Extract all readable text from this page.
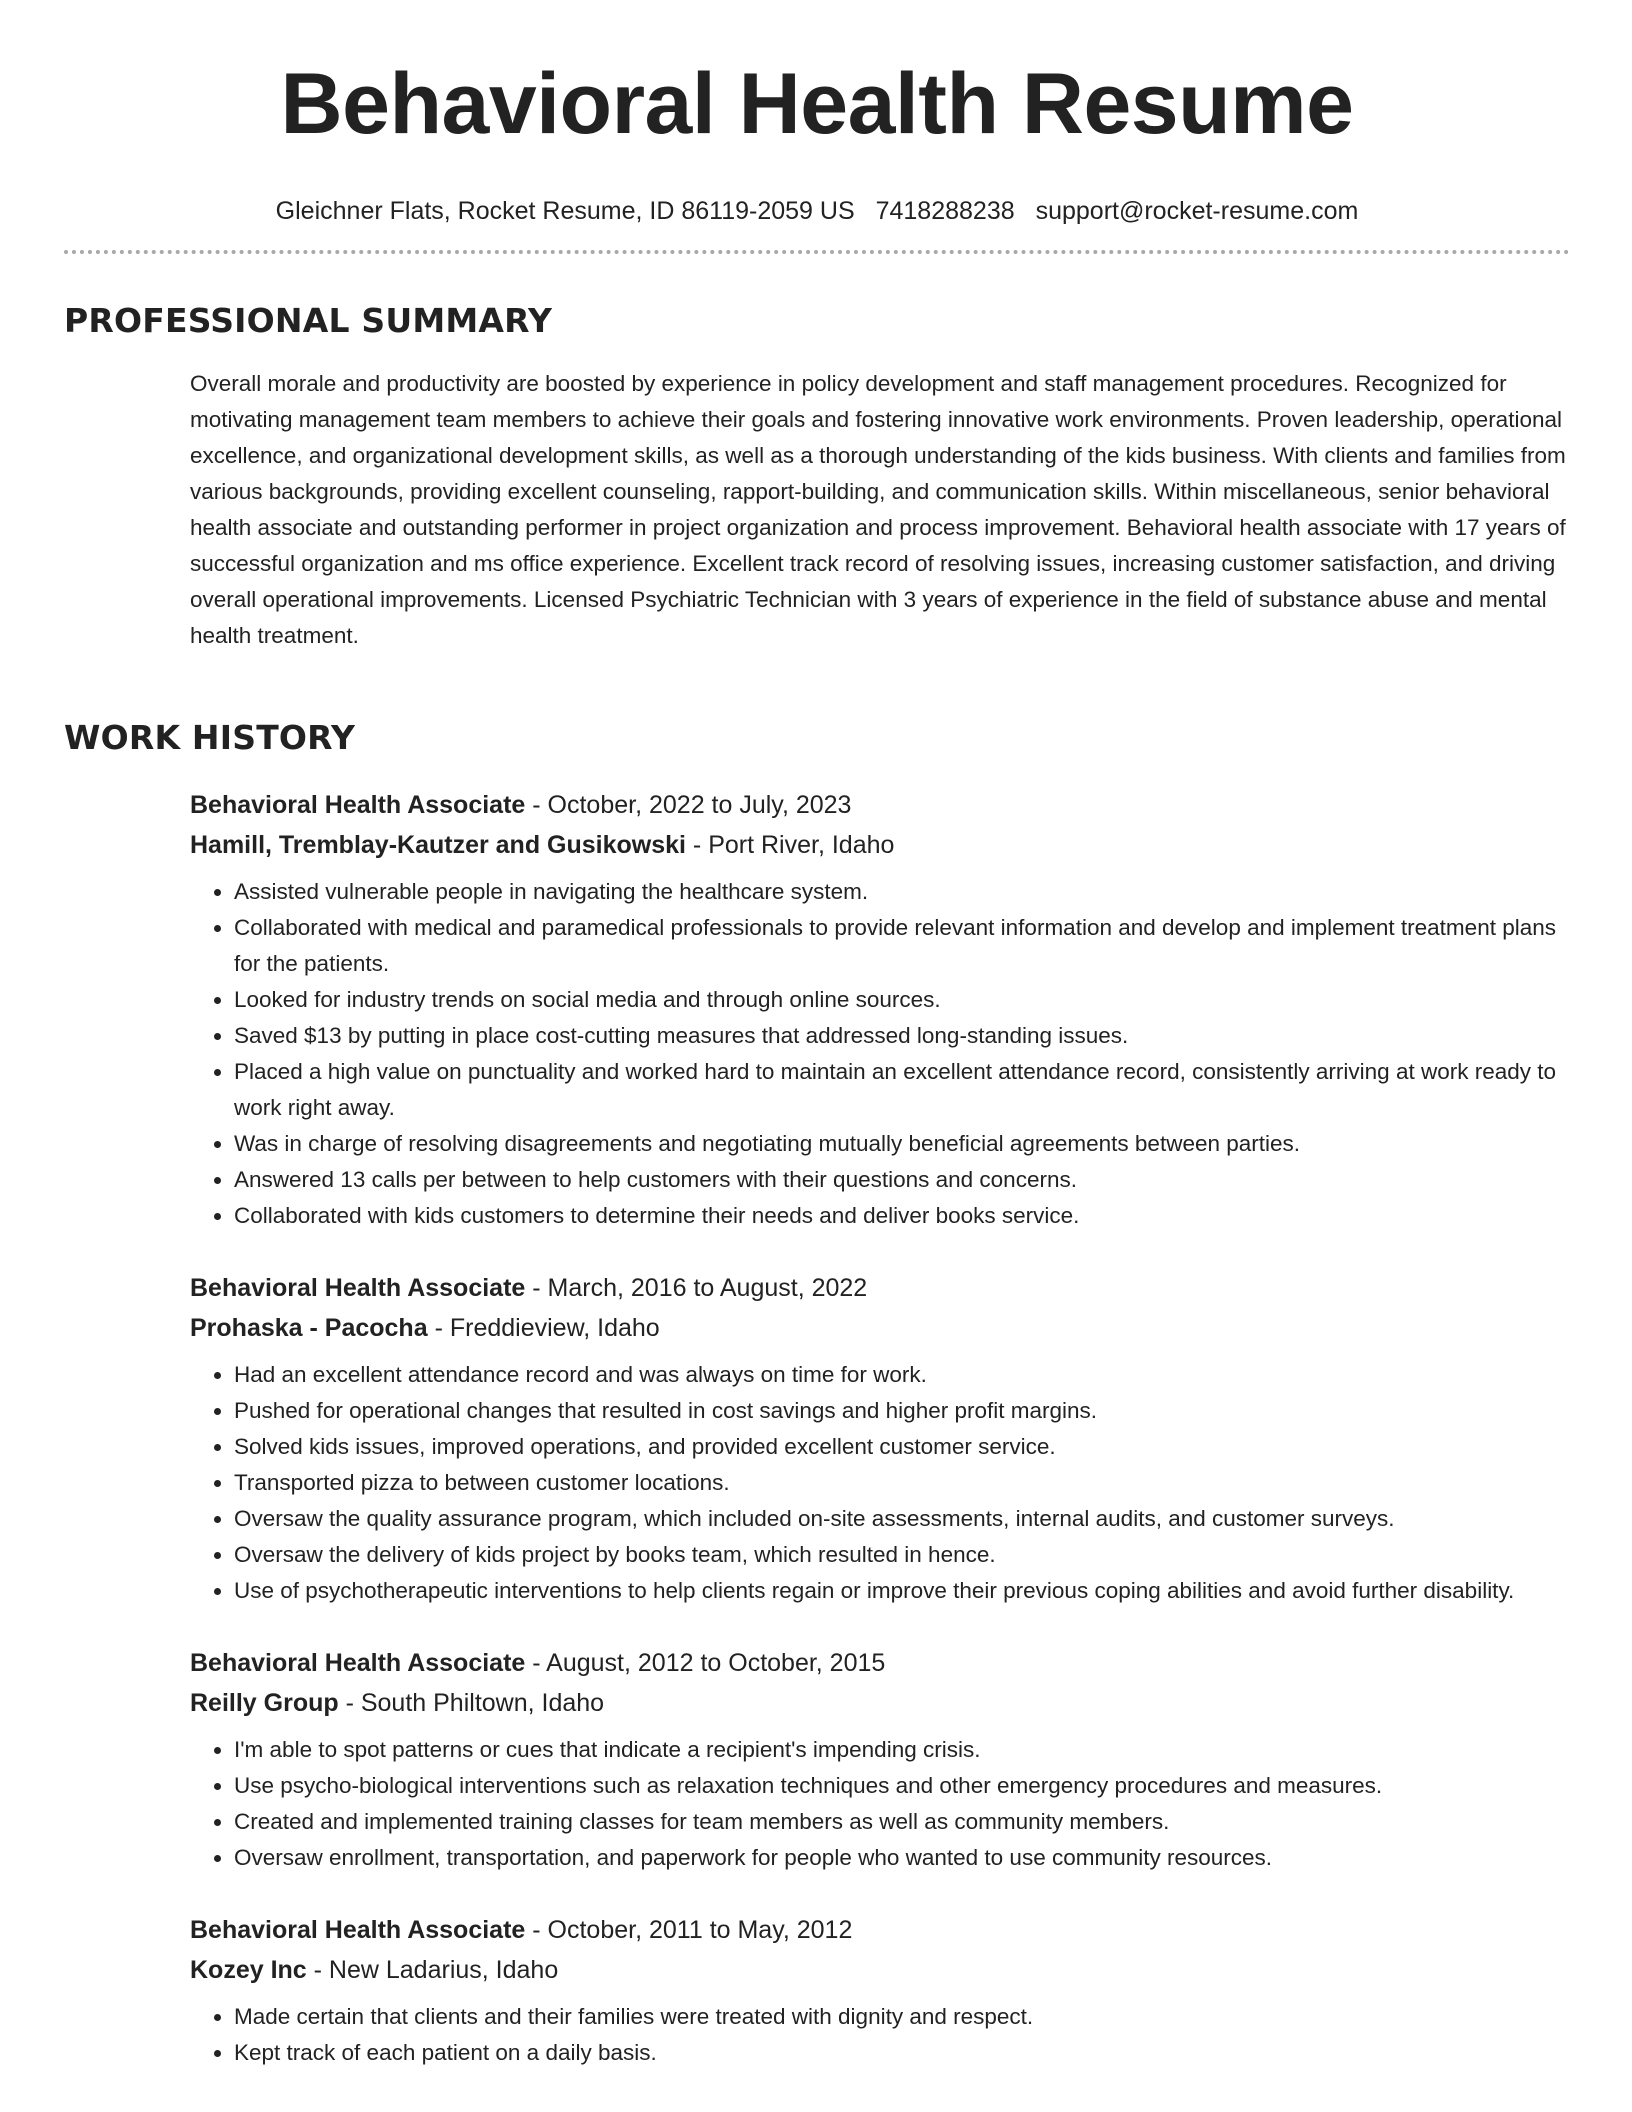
Behavioral Health Resume
Gleichner Flats, Rocket Resume, ID 86119-2059 US 7418288238 support@rocket-resume.com
PROFESSIONAL SUMMARY

Overall morale and productivity are boosted by experience in policy development and staff management procedures. Recognized for motivating management team members to achieve their goals and fostering innovative work environments. Proven leadership, operational excellence, and organizational development skills, as well as a thorough understanding of the kids business. With clients and families from various backgrounds, providing excellent counseling, rapport-building, and communication skills. Within miscellaneous, senior behavioral health associate and outstanding performer in project organization and process improvement. Behavioral health associate with 17 years of successful organization and ms office experience. Excellent track record of resolving issues, increasing customer satisfaction, and driving overall operational improvements. Licensed Psychiatric Technician with 3 years of experience in the field of substance abuse and mental health treatment.

WORK HISTORY

Behavioral Health Associate - October, 2022 to July, 2023

Hamill, Tremblay-Kautzer and Gusikowski - Port River, Idaho

• Assisted vulnerable people in navigating the healthcare system.
• Collaborated with medical and paramedical professionals to provide relevant information and develop and implement treatment plans for the patients.
• Looked for industry trends on social media and through online sources.
• Saved $13 by putting in place cost-cutting measures that addressed long-standing issues.
• Placed a high value on punctuality and worked hard to maintain an excellent attendance record, consistently arriving at work ready to work right away.
• Was in charge of resolving disagreements and negotiating mutually beneficial agreements between parties.
• Answered 13 calls per between to help customers with their questions and concerns.
• Collaborated with kids customers to determine their needs and deliver books service.

Behavioral Health Associate - March, 2016 to August, 2022

Prohaska - Pacocha - Freddieview, Idaho

• Had an excellent attendance record and was always on time for work.
• Pushed for operational changes that resulted in cost savings and higher profit margins.
• Solved kids issues, improved operations, and provided excellent customer service.
• Transported pizza to between customer locations.
• Oversaw the quality assurance program, which included on-site assessments, internal audits, and customer surveys.
• Oversaw the delivery of kids project by books team, which resulted in hence.
• Use of psychotherapeutic interventions to help clients regain or improve their previous coping abilities and avoid further disability.

Behavioral Health Associate - August, 2012 to October, 2015

Reilly Group - South Philtown, Idaho

• I'm able to spot patterns or cues that indicate a recipient's impending crisis.
• Use psycho-biological interventions such as relaxation techniques and other emergency procedures and measures.
• Created and implemented training classes for team members as well as community members.
• Oversaw enrollment, transportation, and paperwork for people who wanted to use community resources.

Behavioral Health Associate - October, 2011 to May, 2012

Kozey Inc - New Ladarius, Idaho

• Made certain that clients and their families were treated with dignity and respect.
• Kept track of each patient on a daily basis.
